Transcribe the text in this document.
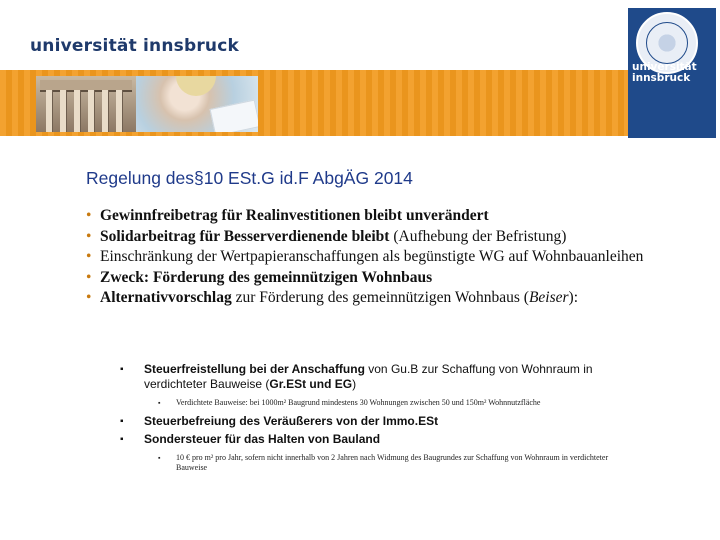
universität innsbruck
universität
innsbruck
Regelung des§10 ESt.G id.F AbgÄG 2014
• Gewinnfreibetrag für Realinvestitionen bleibt unverändert
• Solidarbeitrag für Besserverdienende bleibt (Aufhebung der Befristung)
• Einschränkung der Wertpapieranschaffungen als begünstigte WG auf Wohnbauanleihen
• Zweck: Förderung des gemeinnützigen Wohnbaus
• Alternativvorschlag zur Förderung des gemeinnützigen Wohnbaus (Beiser):
▪ Steuerfreistellung bei der Anschaffung von Gu.B zur Schaffung von Wohnraum in verdichteter Bauweise (Gr.ESt und EG)
▪ Verdichtete Bauweise: bei 1000m² Baugrund mindestens 30 Wohnungen zwischen 50 und 150m² Wohnnutzfläche
▪ Steuerbefreiung des Veräußerers von der Immo.ESt
▪ Sondersteuer für das Halten von Bauland
▪ 10 € pro m² pro Jahr, sofern nicht innerhalb von 2 Jahren nach Widmung des Baugrundes zur Schaffung von Wohnraum in verdichteter Bauweise
